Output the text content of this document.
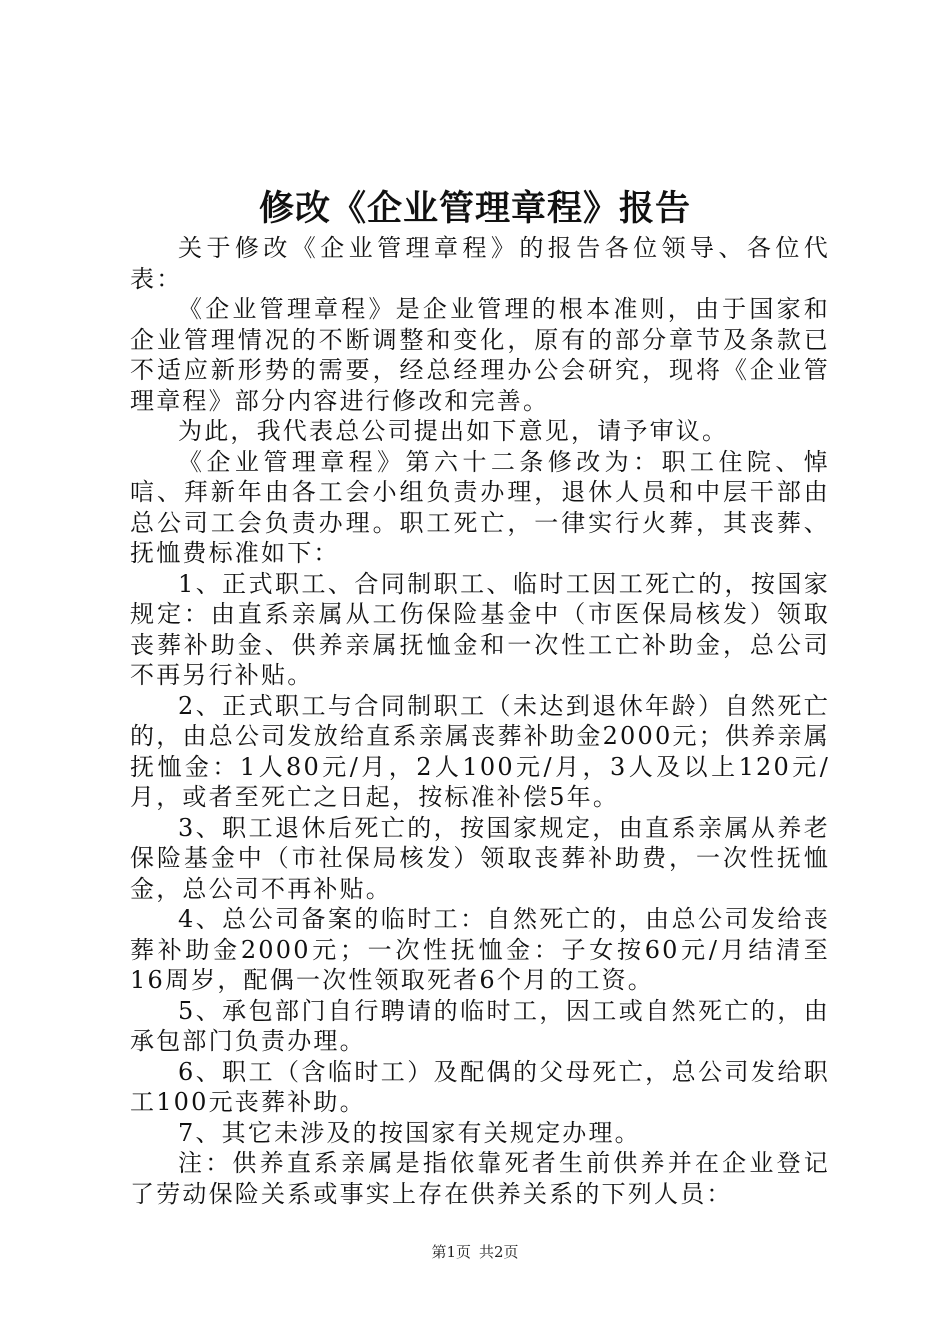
修改《企业管理章程》报告

关于修改《企业管理章程》的报告各位领导、各位代表：

《企业管理章程》是企业管理的根本准则，由于国家和企业管理情况的不断调整和变化，原有的部分章节及条款已不适应新形势的需要，经总经理办公会研究，现将《企业管理章程》部分内容进行修改和完善。

为此，我代表总公司提出如下意见，请予审议。

《企业管理章程》第六十二条修改为：职工住院、悼唁、拜新年由各工会小组负责办理，退休人员和中层干部由总公司工会负责办理。职工死亡，一律实行火葬，其丧葬、抚恤费标准如下：

1、正式职工、合同制职工、临时工因工死亡的，按国家规定：由直系亲属从工伤保险基金中（市医保局核发）领取丧葬补助金、供养亲属抚恤金和一次性工亡补助金，总公司不再另行补贴。

2、正式职工与合同制职工（未达到退休年龄）自然死亡的，由总公司发放给直系亲属丧葬补助金2000元；供养亲属抚恤金：1人80元/月，2人100元/月，3人及以上120元/月，或者至死亡之日起，按标准补偿5年。

3、职工退休后死亡的，按国家规定，由直系亲属从养老保险基金中（市社保局核发）领取丧葬补助费，一次性抚恤金，总公司不再补贴。

4、总公司备案的临时工：自然死亡的，由总公司发给丧葬补助金2000元；一次性抚恤金：子女按60元/月结清至16周岁，配偶一次性领取死者6个月的工资。

5、承包部门自行聘请的临时工，因工或自然死亡的，由承包部门负责办理。

6、职工（含临时工）及配偶的父母死亡，总公司发给职工100元丧葬补助。

7、其它未涉及的按国家有关规定办理。

注：供养直系亲属是指依靠死者生前供养并在企业登记了劳动保险关系或事实上存在供养关系的下列人员：

第1页 共2页
